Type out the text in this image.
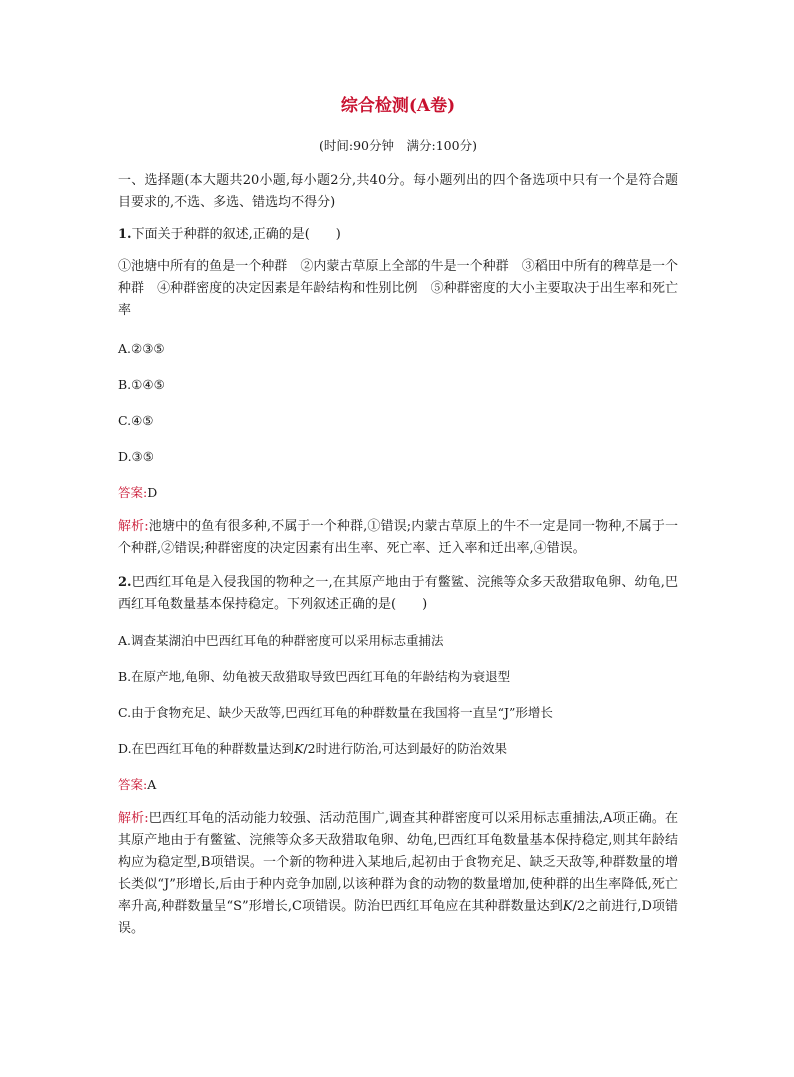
综合检测(A卷)
(时间:90分钟　满分:100分)

一、选择题(本大题共20小题,每小题2分,共40分。每小题列出的四个备选项中只有一个是符合题目要求的,不选、多选、错选均不得分)

1.下面关于种群的叙述,正确的是(　　)

①池塘中所有的鱼是一个种群　②内蒙古草原上全部的牛是一个种群　③稻田中所有的稗草是一个种群　④种群密度的决定因素是年龄结构和性别比例　⑤种群密度的大小主要取决于出生率和死亡率

A.②③⑤

B.①④⑤

C.④⑤

D.③⑤

答案:D

解析:池塘中的鱼有很多种,不属于一个种群,①错误;内蒙古草原上的牛不一定是同一物种,不属于一个种群,②错误;种群密度的决定因素有出生率、死亡率、迁入率和迁出率,④错误。

2.巴西红耳龟是入侵我国的物种之一,在其原产地由于有鳖鲨、浣熊等众多天敌猎取龟卵、幼龟,巴西红耳龟数量基本保持稳定。下列叙述正确的是(　　)

A.调查某湖泊中巴西红耳龟的种群密度可以采用标志重捕法

B.在原产地,龟卵、幼龟被天敌猎取导致巴西红耳龟的年龄结构为衰退型

C.由于食物充足、缺少天敌等,巴西红耳龟的种群数量在我国将一直呈“J”形增长

D.在巴西红耳龟的种群数量达到K/2时进行防治,可达到最好的防治效果

答案:A

解析:巴西红耳龟的活动能力较强、活动范围广,调查其种群密度可以采用标志重捕法,A项正确。在其原产地由于有鳖鲨、浣熊等众多天敌猎取龟卵、幼龟,巴西红耳龟数量基本保持稳定,则其年龄结构应为稳定型,B项错误。一个新的物种进入某地后,起初由于食物充足、缺乏天敌等,种群数量的增长类似“J”形增长,后由于种内竞争加剧,以该种群为食的动物的数量增加,使种群的出生率降低,死亡率升高,种群数量呈“S”形增长,C项错误。防治巴西红耳龟应在其种群数量达到K/2之前进行,D项错误。
